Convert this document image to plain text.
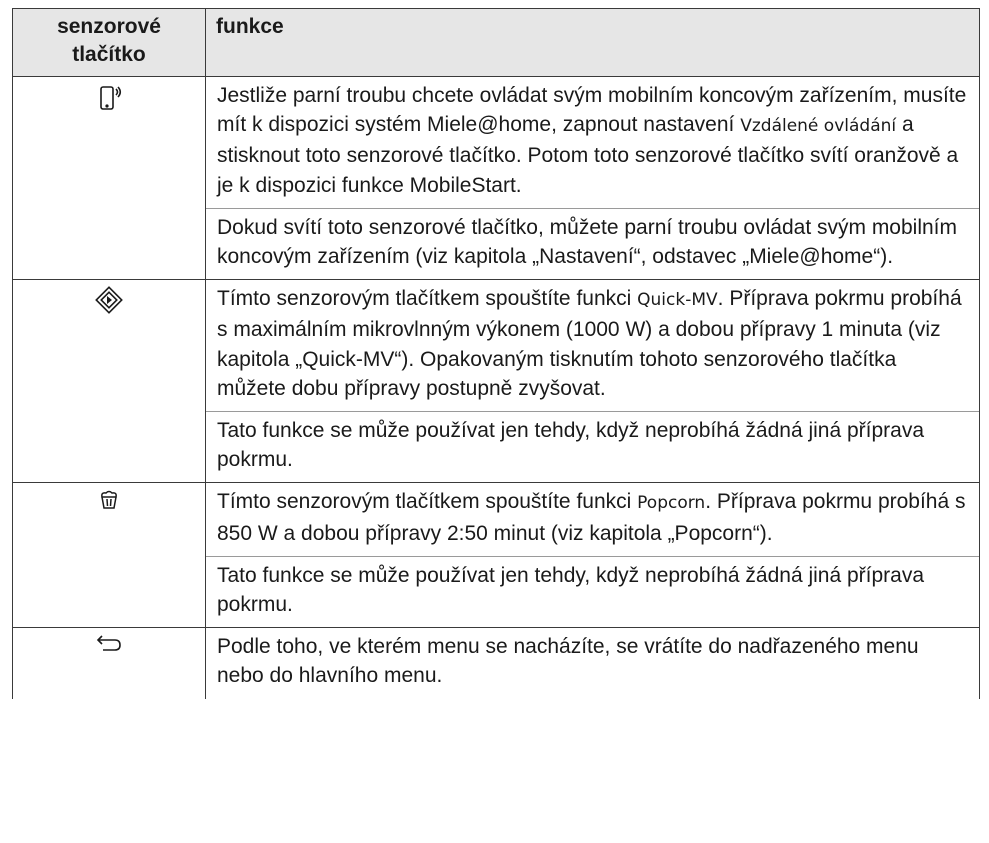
senzorové
tlačítko	funkce

Jestliže parní troubu chcete ovládat svým mobilním koncovým zařízením, musíte mít k dispozici systém Miele@home, zapnout nastavení Vzdálené ovládání a stisknout toto senzorové tlačítko. Potom toto senzorové tlačítko svítí oranžově a je k dispozici funkce MobileStart.
Dokud svítí toto senzorové tlačítko, můžete parní troubu ovládat svým mobilním koncovým zařízením (viz kapitola „Nastavení“, odstavec „Miele@home“).

Tímto senzorovým tlačítkem spouštíte funkci Quick-MV. Příprava pokrmu probíhá s maximálním mikrovlnným výkonem (1000 W) a dobou přípravy 1 minuta (viz kapitola „Quick-MV“). Opakovaným tisknutím tohoto senzorového tlačítka můžete dobu přípravy postupně zvyšovat.
Tato funkce se může používat jen tehdy, když neprobíhá žádná jiná příprava pokrmu.

Tímto senzorovým tlačítkem spouštíte funkci Popcorn. Příprava pokrmu probíhá s 850 W a dobou přípravy 2:50 minut (viz kapitola „Popcorn“).
Tato funkce se může používat jen tehdy, když neprobíhá žádná jiná příprava pokrmu.

Podle toho, ve kterém menu se nacházíte, se vrátíte do nadřazeného menu nebo do hlavního menu.
